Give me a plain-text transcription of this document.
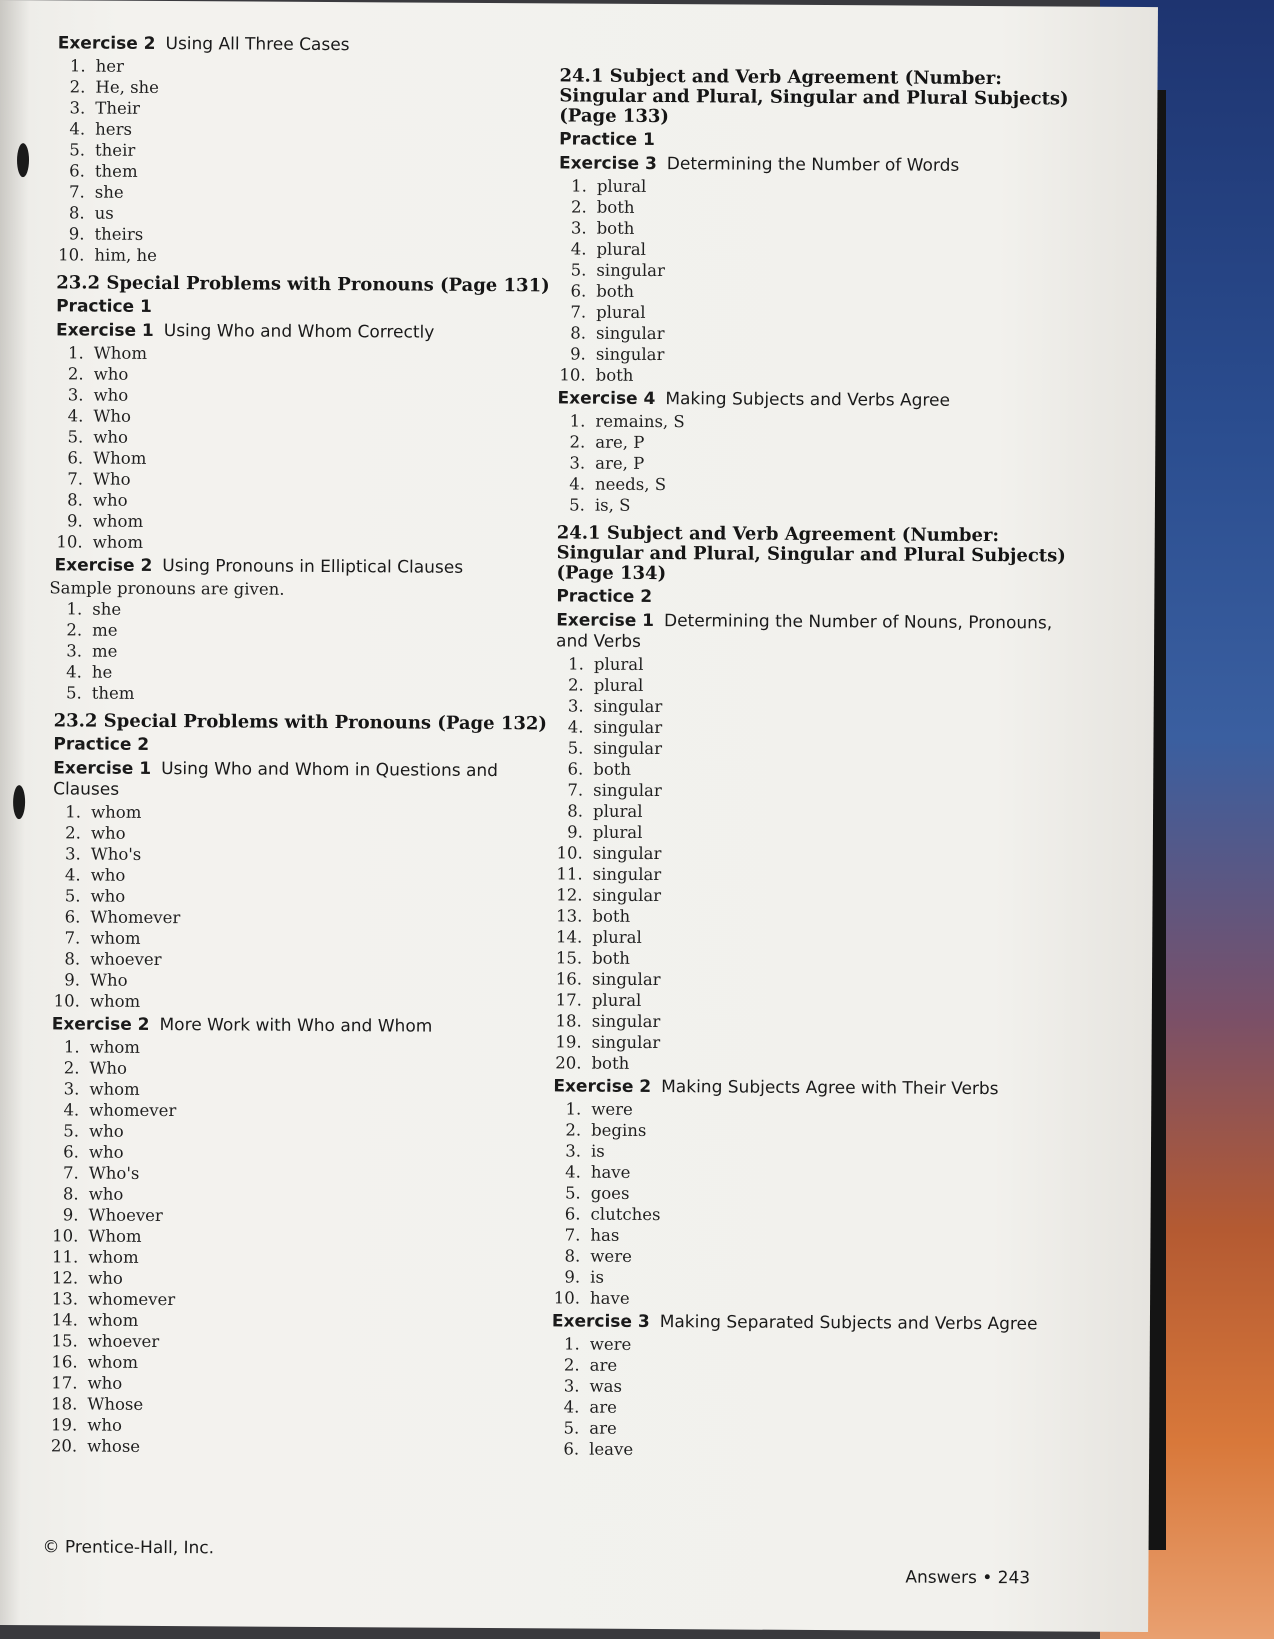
Exercise 2 Using All Three Cases
1. her
2. He, she
3. Their
4. hers
5. their
6. them
7. she
8. us
9. theirs
10. him, he
23.2 Special Problems with Pronouns (Page 131)
Practice 1
Exercise 1 Using Who and Whom Correctly
1. Whom
2. who
3. who
4. Who
5. who
6. Whom
7. Who
8. who
9. whom
10. whom
Exercise 2 Using Pronouns in Elliptical Clauses
Sample pronouns are given.
1. she
2. me
3. me
4. he
5. them
23.2 Special Problems with Pronouns (Page 132)
Practice 2
Exercise 1 Using Who and Whom in Questions and Clauses
1. whom
2. who
3. Who's
4. who
5. who
6. Whomever
7. whom
8. whoever
9. Who
10. whom
Exercise 2 More Work with Who and Whom
1. whom
2. Who
3. whom
4. whomever
5. who
6. who
7. Who's
8. who
9. Whoever
10. Whom
11. whom
12. who
13. whomever
14. whom
15. whoever
16. whom
17. who
18. Whose
19. who
20. whose
24.1 Subject and Verb Agreement (Number: Singular and Plural, Singular and Plural Subjects) (Page 133)
Practice 1
Exercise 3 Determining the Number of Words
1. plural
2. both
3. both
4. plural
5. singular
6. both
7. plural
8. singular
9. singular
10. both
Exercise 4 Making Subjects and Verbs Agree
1. remains, S
2. are, P
3. are, P
4. needs, S
5. is, S
24.1 Subject and Verb Agreement (Number: Singular and Plural, Singular and Plural Subjects) (Page 134)
Practice 2
Exercise 1 Determining the Number of Nouns, Pronouns, and Verbs
1. plural
2. plural
3. singular
4. singular
5. singular
6. both
7. singular
8. plural
9. plural
10. singular
11. singular
12. singular
13. both
14. plural
15. both
16. singular
17. plural
18. singular
19. singular
20. both
Exercise 2 Making Subjects Agree with Their Verbs
1. were
2. begins
3. is
4. have
5. goes
6. clutches
7. has
8. were
9. is
10. have
Exercise 3 Making Separated Subjects and Verbs Agree
1. were
2. are
3. was
4. are
5. are
6. leave
© Prentice-Hall, Inc.
Answers • 243
